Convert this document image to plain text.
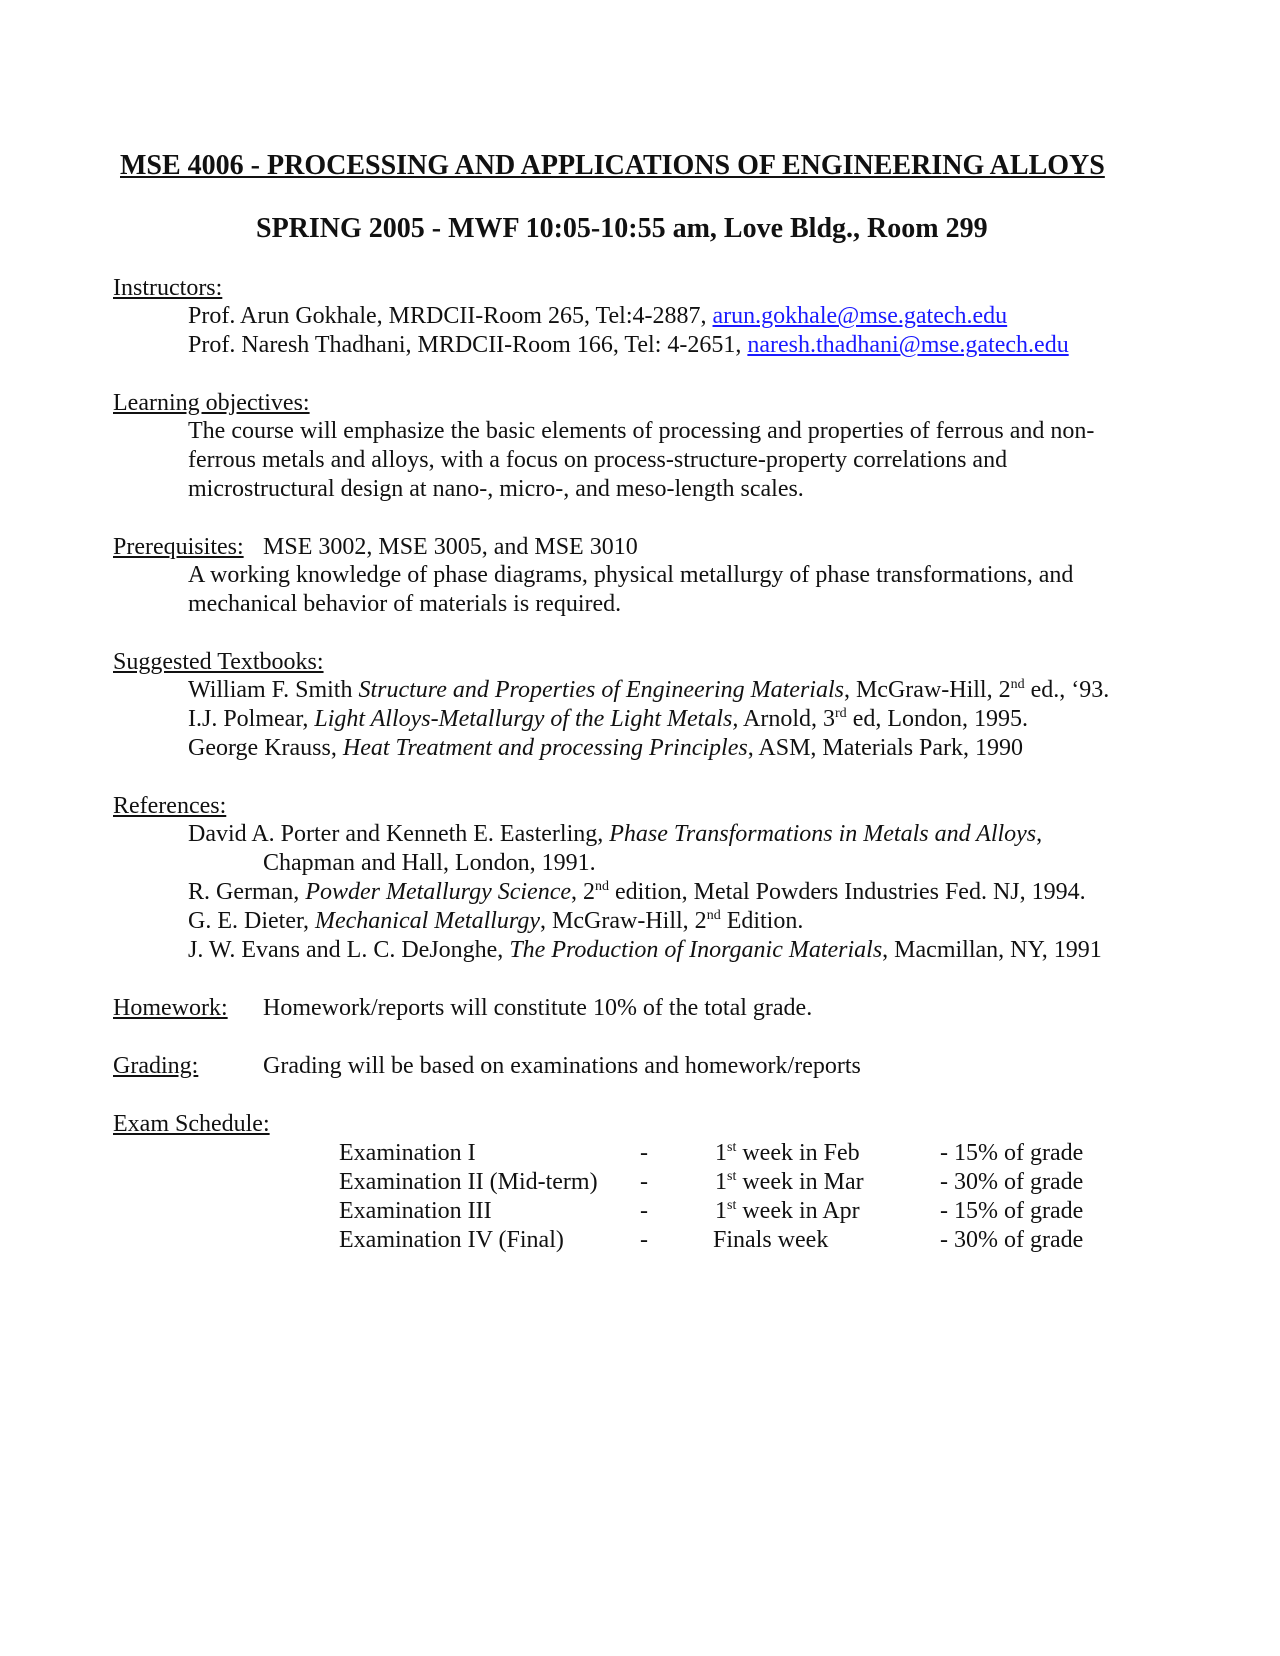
MSE 4006 - PROCESSING AND APPLICATIONS OF ENGINEERING ALLOYS
SPRING 2005 - MWF 10:05-10:55 am, Love Bldg., Room 299
Instructors:
Prof. Arun Gokhale, MRDCII-Room 265, Tel:4-2887, arun.gokhale@mse.gatech.edu
Prof. Naresh Thadhani, MRDCII-Room 166, Tel: 4-2651, naresh.thadhani@mse.gatech.edu
Learning objectives:
The course will emphasize the basic elements of processing and properties of ferrous and non-
ferrous metals and alloys, with a focus on process-structure-property correlations and
microstructural design at nano-, micro-, and meso-length scales.
Prerequisites: MSE 3002, MSE 3005, and MSE 3010
A working knowledge of phase diagrams, physical metallurgy of phase transformations, and
mechanical behavior of materials is required.
Suggested Textbooks:
William F. Smith Structure and Properties of Engineering Materials, McGraw-Hill, 2nd ed., ‘93.
I.J. Polmear, Light Alloys-Metallurgy of the Light Metals, Arnold, 3rd ed, London, 1995.
George Krauss, Heat Treatment and processing Principles, ASM, Materials Park, 1990
References:
David A. Porter and Kenneth E. Easterling, Phase Transformations in Metals and Alloys,
Chapman and Hall, London, 1991.
R. German, Powder Metallurgy Science, 2nd edition, Metal Powders Industries Fed. NJ, 1994.
G. E. Dieter, Mechanical Metallurgy, McGraw-Hill, 2nd Edition.
J. W. Evans and L. C. DeJonghe, The Production of Inorganic Materials, Macmillan, NY, 1991
Homework: Homework/reports will constitute 10% of the total grade.
Grading:	Grading will be based on examinations and homework/reports
Exam Schedule:
Examination I	-	1st week in Feb	- 15% of grade
Examination II (Mid-term) -	1st week in Mar	- 30% of grade
Examination III	-	1st week in Apr	- 15% of grade
Examination IV (Final)	-	Finals week	- 30% of grade
